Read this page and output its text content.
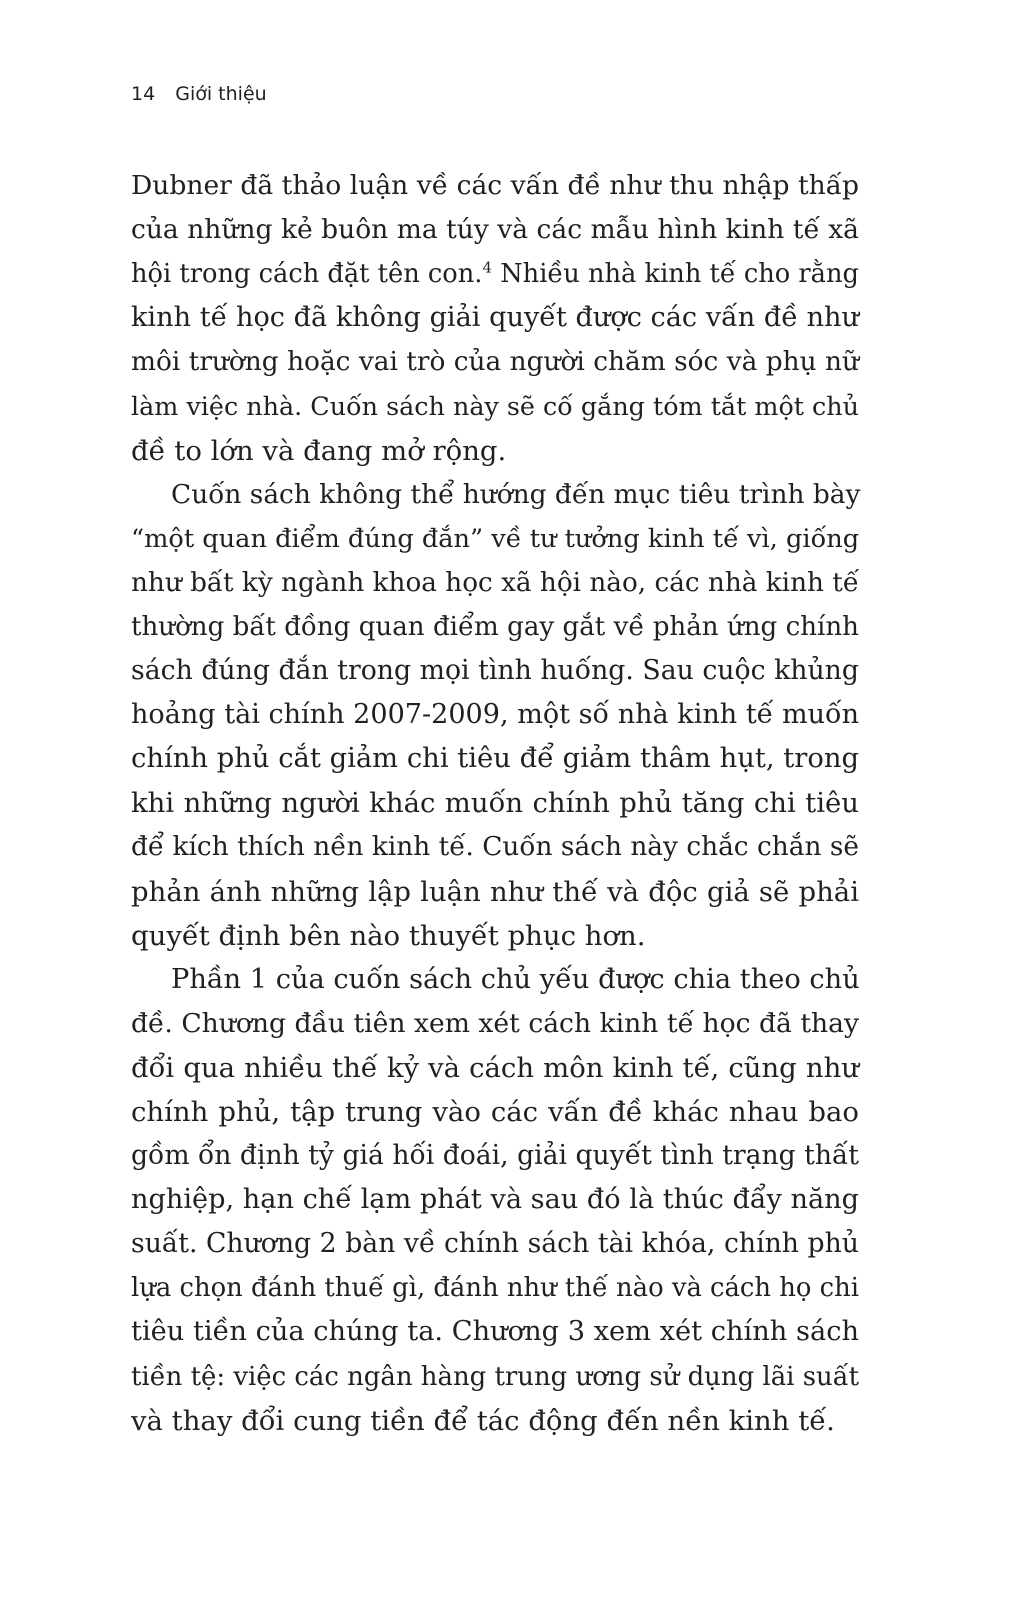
14 Giới thiệu
Dubner đã thảo luận về các vấn đề như thu nhập thấp
của những kẻ buôn ma túy và các mẫu hình kinh tế xã
hội trong cách đặt tên con.$^4$ Nhiều nhà kinh tế cho rằng
kinh tế học đã không giải quyết được các vấn đề như
môi trường hoặc vai trò của người chăm sóc và phụ nữ
làm việc nhà. Cuốn sách này sẽ cố gắng tóm tắt một chủ
đề to lớn và đang mở rộng.
Cuốn sách không thể hướng đến mục tiêu trình bày
“một quan điểm đúng đắn” về tư tưởng kinh tế vì, giống
như bất kỳ ngành khoa học xã hội nào, các nhà kinh tế
thường bất đồng quan điểm gay gắt về phản ứng chính
sách đúng đắn trong mọi tình huống. Sau cuộc khủng
hoảng tài chính 2007-2009, một số nhà kinh tế muốn
chính phủ cắt giảm chi tiêu để giảm thâm hụt, trong
khi những người khác muốn chính phủ tăng chi tiêu
để kích thích nền kinh tế. Cuốn sách này chắc chắn sẽ
phản ánh những lập luận như thế và độc giả sẽ phải
quyết định bên nào thuyết phục hơn.
Phần 1 của cuốn sách chủ yếu được chia theo chủ
đề. Chương đầu tiên xem xét cách kinh tế học đã thay
đổi qua nhiều thế kỷ và cách môn kinh tế, cũng như
chính phủ, tập trung vào các vấn đề khác nhau bao
gồm ổn định tỷ giá hối đoái, giải quyết tình trạng thất
nghiệp, hạn chế lạm phát và sau đó là thúc đẩy năng
suất. Chương 2 bàn về chính sách tài khóa, chính phủ
lựa chọn đánh thuế gì, đánh như thế nào và cách họ chi
tiêu tiền của chúng ta. Chương 3 xem xét chính sách
tiền tệ: việc các ngân hàng trung ương sử dụng lãi suất
và thay đổi cung tiền để tác động đến nền kinh tế.
